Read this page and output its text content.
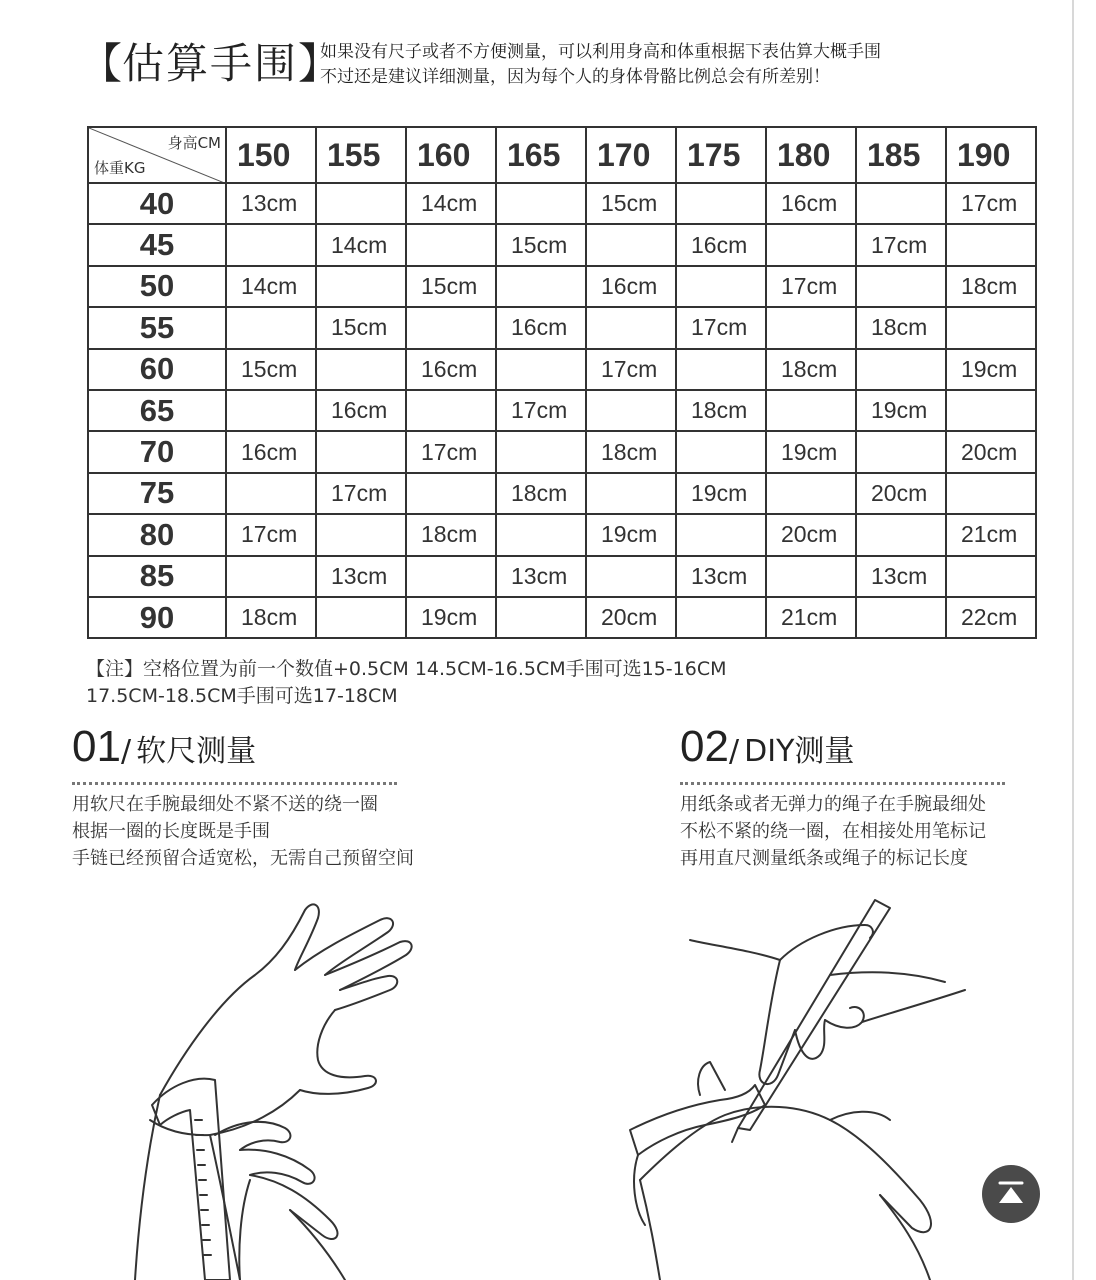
【估算手围】
如果没有尺子或者不方便测量，可以利用身高和体重根据下表估算大概手围
不过还是建议详细测量，因为每个人的身体骨骼比例总会有所差别！
身高CM
体重KG	150	155	160	165	170	175	180	185	190
40	13cm		14cm		15cm		16cm		17cm
45		14cm		15cm		16cm		17cm	
50	14cm		15cm		16cm		17cm		18cm
55		15cm		16cm		17cm		18cm	
60	15cm		16cm		17cm		18cm		19cm
65		16cm		17cm		18cm		19cm	
70	16cm		17cm		18cm		19cm		20cm
75		17cm		18cm		19cm		20cm	
80	17cm		18cm		19cm		20cm		21cm
85		13cm		13cm		13cm		13cm	
90	18cm		19cm		20cm		21cm		22cm
【注】空格位置为前一个数值+0.5CM 14.5CM-16.5CM手围可选15-16CM
17.5CM-18.5CM手围可选17-18CM
01/ 软尺测量
用软尺在手腕最细处不紧不送的绕一圈
根据一圈的长度既是手围
手链已经预留合适宽松，无需自己预留空间
02/ DIY测量
用纸条或者无弹力的绳子在手腕最细处
不松不紧的绕一圈，在相接处用笔标记
再用直尺测量纸条或绳子的标记长度
